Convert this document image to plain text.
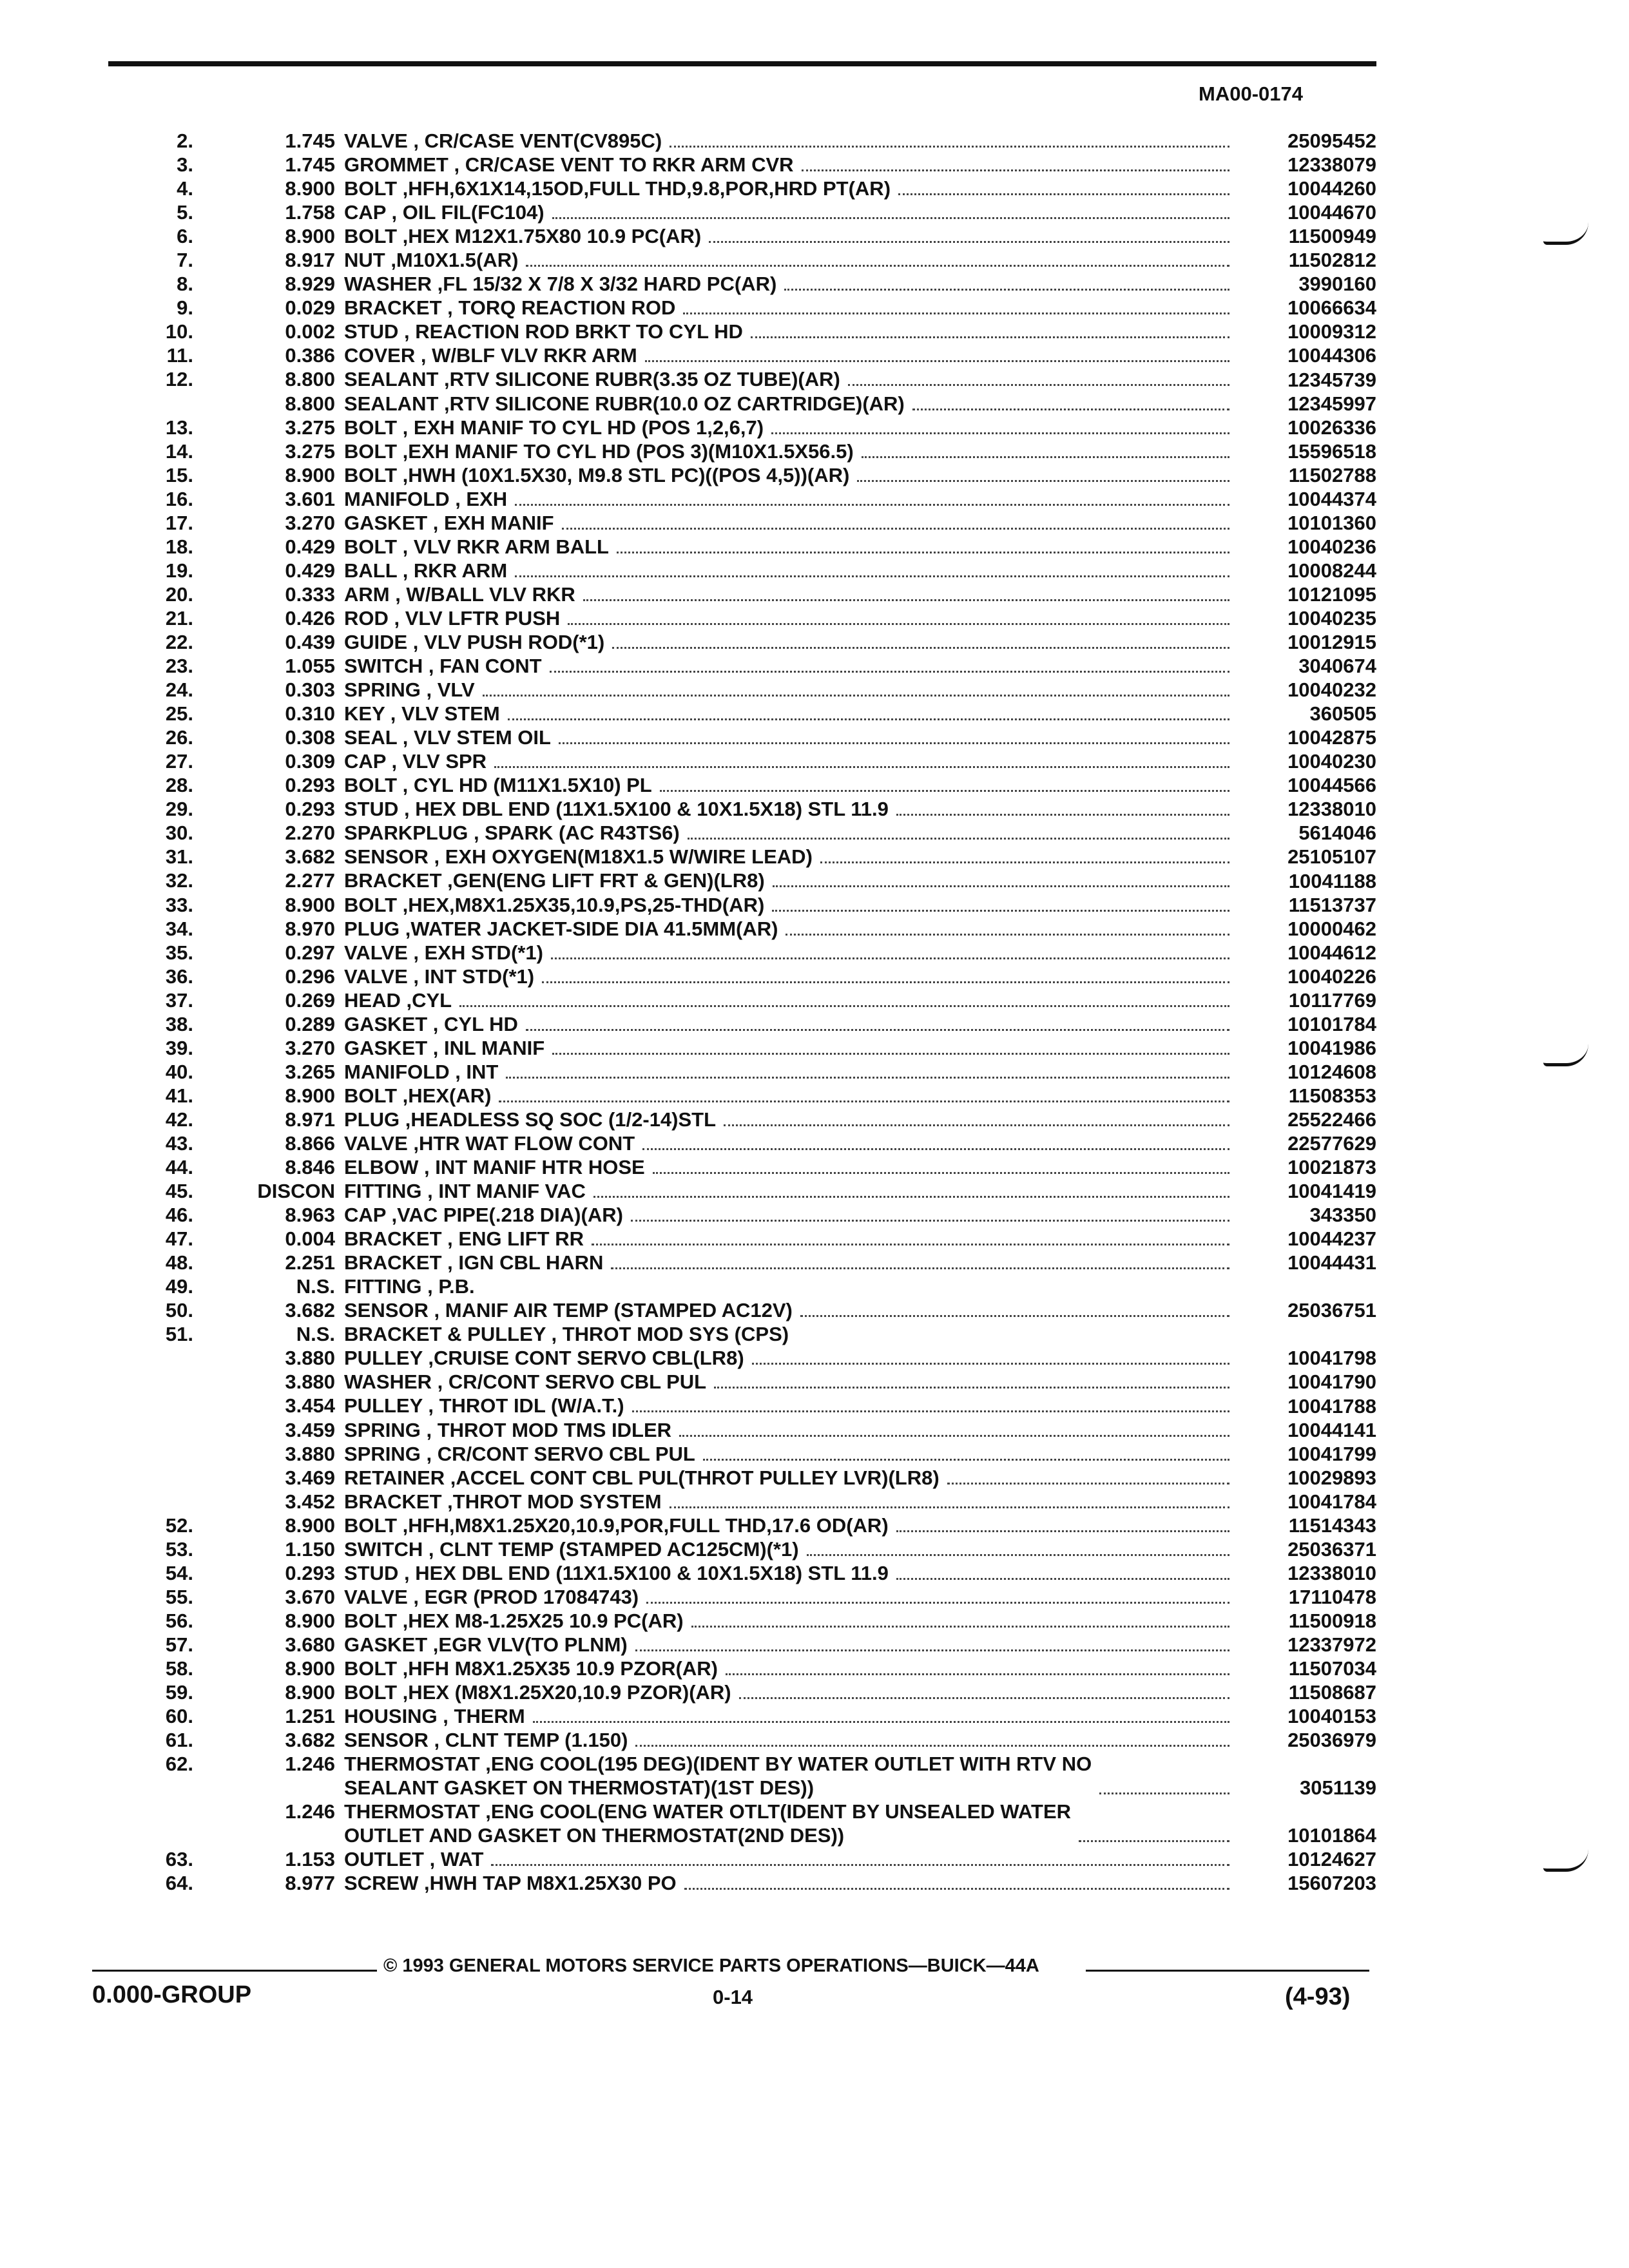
MA00-0174
2.	1.745 VALVE , CR/CASE VENT(CV895C)	25095452
3.	1.745 GROMMET , CR/CASE VENT TO RKR ARM CVR	12338079
4.	8.900 BOLT ,HFH,6X1X14,15OD,FULL THD,9.8,POR,HRD PT(AR)	10044260
5.	1.758 CAP , OIL FIL(FC104)	10044670
6.	8.900 BOLT ,HEX M12X1.75X80 10.9 PC(AR)	11500949
7.	8.917 NUT ,M10X1.5(AR)	11502812
8.	8.929 WASHER ,FL 15/32 X 7/8 X 3/32 HARD PC(AR)	3990160
9.	0.029 BRACKET , TORQ REACTION ROD	10066634
10.	0.002 STUD , REACTION ROD BRKT TO CYL HD	10009312
11.	0.386 COVER , W/BLF VLV RKR ARM	10044306
12.	8.800 SEALANT ,RTV SILICONE RUBR(3.35 OZ TUBE)(AR)	12345739
8.800 SEALANT ,RTV SILICONE RUBR(10.0 OZ CARTRIDGE)(AR)	12345997
13.	3.275 BOLT , EXH MANIF TO CYL HD (POS 1,2,6,7)	10026336
14.	3.275 BOLT ,EXH MANIF TO CYL HD (POS 3)(M10X1.5X56.5)	15596518
15.	8.900 BOLT ,HWH (10X1.5X30, M9.8 STL PC)((POS 4,5))(AR)	11502788
16.	3.601 MANIFOLD , EXH	10044374
17.	3.270 GASKET , EXH MANIF	10101360
18.	0.429 BOLT , VLV RKR ARM BALL	10040236
19.	0.429 BALL , RKR ARM	10008244
20.	0.333 ARM , W/BALL VLV RKR	10121095
21.	0.426 ROD , VLV LFTR PUSH	10040235
22.	0.439 GUIDE , VLV PUSH ROD(*1)	10012915
23.	1.055 SWITCH , FAN CONT	3040674
24.	0.303 SPRING , VLV	10040232
25.	0.310 KEY , VLV STEM	360505
26.	0.308 SEAL , VLV STEM OIL	10042875
27.	0.309 CAP , VLV SPR	10040230
28.	0.293 BOLT , CYL HD (M11X1.5X10) PL	10044566
29.	0.293 STUD , HEX DBL END (11X1.5X100 & 10X1.5X18) STL 11.9	12338010
30.	2.270 SPARKPLUG , SPARK (AC R43TS6)	5614046
31.	3.682 SENSOR , EXH OXYGEN(M18X1.5 W/WIRE LEAD)	25105107
32.	2.277 BRACKET ,GEN(ENG LIFT FRT & GEN)(LR8)	10041188
33.	8.900 BOLT ,HEX,M8X1.25X35,10.9,PS,25-THD(AR)	11513737
34.	8.970 PLUG ,WATER JACKET-SIDE DIA 41.5MM(AR)	10000462
35.	0.297 VALVE , EXH STD(*1)	10044612
36.	0.296 VALVE , INT STD(*1)	10040226
37.	0.269 HEAD ,CYL	10117769
38.	0.289 GASKET , CYL HD	10101784
39.	3.270 GASKET , INL MANIF	10041986
40.	3.265 MANIFOLD , INT	10124608
41.	8.900 BOLT ,HEX(AR)	11508353
42.	8.971 PLUG ,HEADLESS SQ SOC (1/2-14)STL	25522466
43.	8.866 VALVE ,HTR WAT FLOW CONT	22577629
44.	8.846 ELBOW , INT MANIF HTR HOSE	10021873
45.	DISCON FITTING , INT MANIF VAC	10041419
46.	8.963 CAP ,VAC PIPE(.218 DIA)(AR)	343350
47.	0.004 BRACKET , ENG LIFT RR	10044237
48.	2.251 BRACKET , IGN CBL HARN	10044431
49.	N.S. FITTING , P.B.
50.	3.682 SENSOR , MANIF AIR TEMP (STAMPED AC12V)	25036751
51.	N.S. BRACKET & PULLEY , THROT MOD SYS (CPS)
3.880 PULLEY ,CRUISE CONT SERVO CBL(LR8)	10041798
3.880 WASHER , CR/CONT SERVO CBL PUL	10041790
3.454 PULLEY , THROT IDL (W/A.T.)	10041788
3.459 SPRING , THROT MOD TMS IDLER	10044141
3.880 SPRING , CR/CONT SERVO CBL PUL	10041799
3.469 RETAINER ,ACCEL CONT CBL PUL(THROT PULLEY LVR)(LR8)	10029893
3.452 BRACKET ,THROT MOD SYSTEM	10041784
52.	8.900 BOLT ,HFH,M8X1.25X20,10.9,POR,FULL THD,17.6 OD(AR)	11514343
53.	1.150 SWITCH , CLNT TEMP (STAMPED AC125CM)(*1)	25036371
54.	0.293 STUD , HEX DBL END (11X1.5X100 & 10X1.5X18) STL 11.9	12338010
55.	3.670 VALVE , EGR (PROD 17084743)	17110478
56.	8.900 BOLT ,HEX M8-1.25X25 10.9 PC(AR)	11500918
57.	3.680 GASKET ,EGR VLV(TO PLNM)	12337972
58.	8.900 BOLT ,HFH M8X1.25X35 10.9 PZOR(AR)	11507034
59.	8.900 BOLT ,HEX (M8X1.25X20,10.9 PZOR)(AR)	11508687
60.	1.251 HOUSING , THERM	10040153
61.	3.682 SENSOR , CLNT TEMP (1.150)	25036979
62.	1.246 THERMOSTAT ,ENG COOL(195 DEG)(IDENT BY WATER OUTLET WITH RTV NO
SEALANT GASKET ON THERMOSTAT)(1ST DES))	3051139
1.246 THERMOSTAT ,ENG COOL(ENG WATER OTLT(IDENT BY UNSEALED WATER
OUTLET AND GASKET ON THERMOSTAT(2ND DES))	10101864
63.	1.153 OUTLET , WAT	10124627
64.	8.977 SCREW ,HWH TAP M8X1.25X30 PO	15607203
© 1993 GENERAL MOTORS SERVICE PARTS OPERATIONS—BUICK—44A
0.000-GROUP	0-14	(4-93)
